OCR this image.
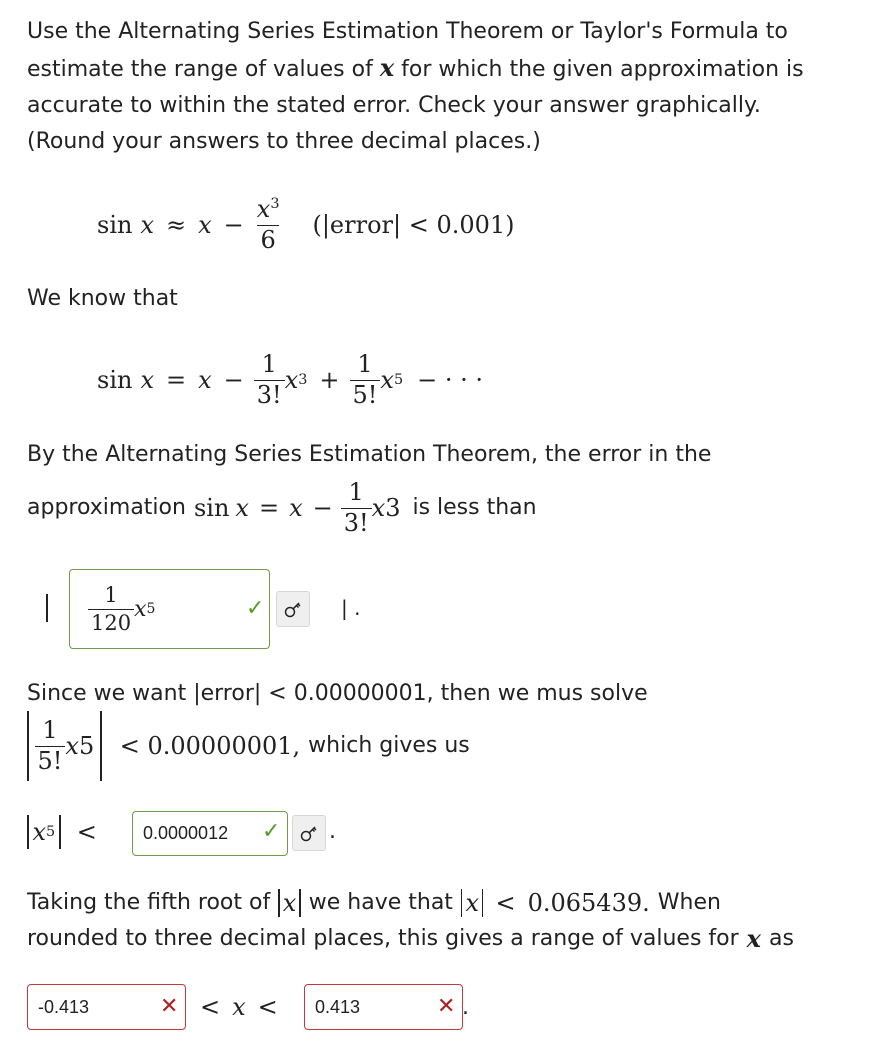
Use the Alternating Series Estimation Theorem or Taylor's Formula to
estimate the range of values of x for which the given approximation is
accurate to within the stated error. Check your answer graphically.
(Round your answers to three decimal places.)
$\sin x \approx x - \frac{x^3}{6}$ (|error| < 0.001)
We know that
$\sin x = x - \frac{1}{3!}$ x $3 + \frac{1}{5!}$ x 5 − · · ·
By the Alternating Series Estimation Theorem, the error in the
approximation $\sin x = x - \frac{1}{3!}$ x 3 is less than
$\frac{1}{120}$ x 5	✓	| .
Since we want |error| < 0.00000001, then we mus solve
$\frac{1}{5!}$ x 5 < 0.00000001, which gives us
x 5 <	0.0000012 ✓ .
Taking the fifth root of x we have that x < 0.065439. When
rounded to three decimal places, this gives a range of values for x as
-0.413	✕ < x <	0.413	✕ .
